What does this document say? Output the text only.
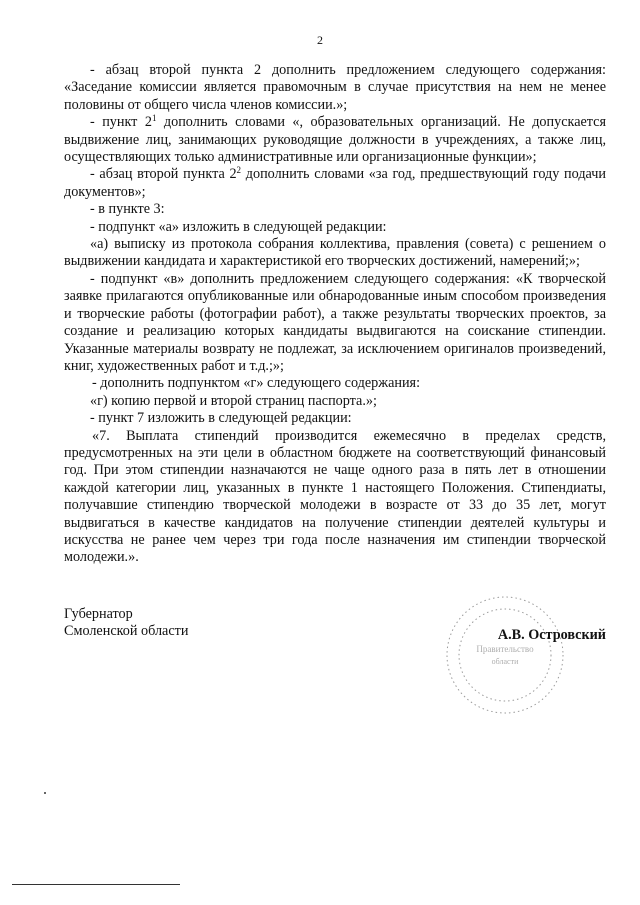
2

- абзац второй пункта 2 дополнить предложением следующего содержания: «Заседание комиссии является правомочным в случае присутствия на нем не менее половины от общего числа членов комиссии.»;

- пункт $2^1$ дополнить словами «, образовательных организаций. Не допускается выдвижение лиц, занимающих руководящие должности в учреждениях, а также лиц, осуществляющих только административные или организационные функции»;

- абзац второй пункта $2^2$ дополнить словами «за год, предшествующий году подачи документов»;

- в пункте 3:

- подпункт «а» изложить в следующей редакции:

«а) выписку из протокола собрания коллектива, правления (совета) с решением о выдвижении кандидата и характеристикой его творческих достижений, намерений;»;

- подпункт «в» дополнить предложением следующего содержания: «К творческой заявке прилагаются опубликованные или обнародованные иным способом произведения и творческие работы (фотографии работ), а также результаты творческих проектов, за создание и реализацию которых кандидаты выдвигаются на соискание стипендии. Указанные материалы возврату не подлежат, за исключением оригиналов произведений, книг, художественных работ и т.д.;»;

- дополнить подпунктом «г» следующего содержания:

«г) копию первой и второй страниц паспорта.»;

- пункт 7 изложить в следующей редакции:

«7. Выплата стипендий производится ежемесячно в пределах средств, предусмотренных на эти цели в областном бюджете на соответствующий финансовый год. При этом стипендии назначаются не чаще одного раза в пять лет в отношении каждой категории лиц, указанных в пункте 1 настоящего Положения. Стипендиаты, получавшие стипендию творческой молодежи в возрасте от 33 до 35 лет, могут выдвигаться в качестве кандидатов на получение стипендии деятелей культуры и искусства не ранее чем через три года после назначения им стипендии творческой молодежи.».

Губернатор
Смоленской области
Правительство
области
А.В. Островский
